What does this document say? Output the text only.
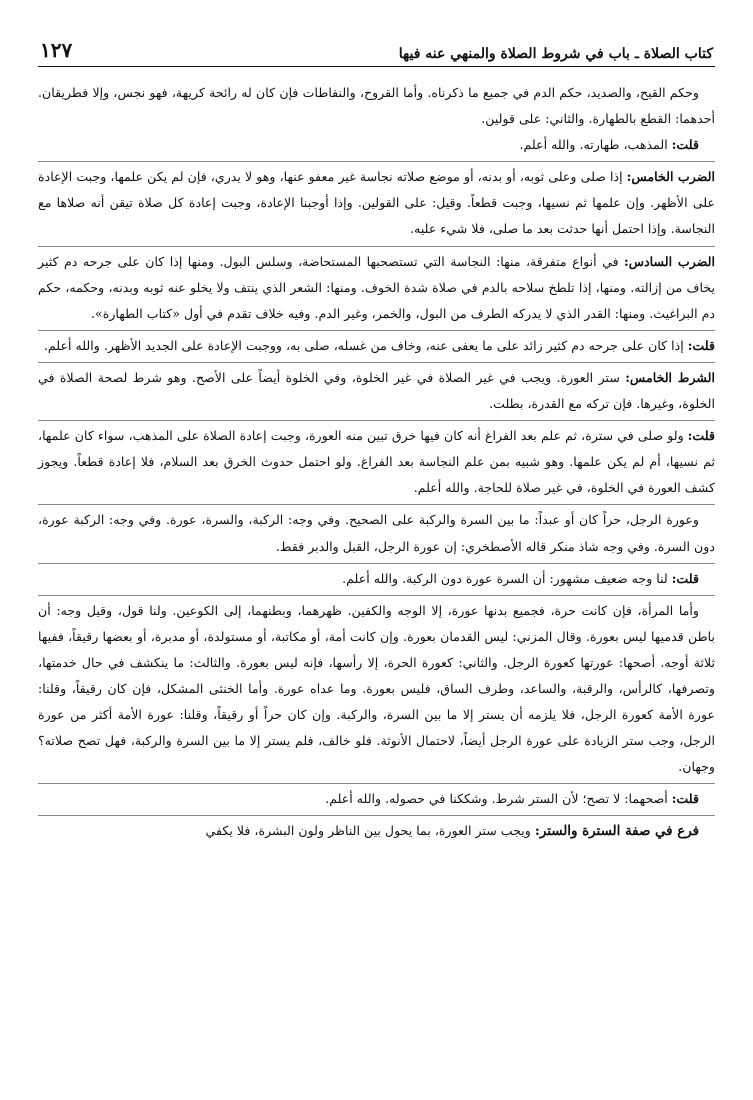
كتاب الصلاة ـ باب في شروط الصلاة والمنهي عنه فيها
١٢٧

وحكم القيح، والصديد، حكم الدم في جميع ما ذكرناه. وأما القروح، والنفاطات فإن كان له رائحة كريهة، فهو نجس، وإلا فطريقان. أحدهما: القطع بالطهارة. والثاني: على قولين.

قلت: المذهب، طهارته. والله أعلم.

الضرب الخامس: إذا صلى وعلى ثوبه، أو بدنه، أو موضع صلاته نجاسة غير معفو عنها، وهو لا يدري، فإن لم يكن علمها، وجبت الإعادة على الأظهر. وإن علمها ثم نسيها، وجبت قطعاً. وقيل: على القولين. وإذا أوجبنا الإعادة، وجبت إعادة كل صلاة تيقن أنه صلاها مع النجاسة. وإذا احتمل أنها حدثت بعد ما صلى، فلا شيء عليه.

الضرب السادس: في أنواع متفرقة، منها: النجاسة التي تستصحبها المستحاضة، وسلس البول. ومنها إذا كان على جرحه دم كثير يخاف من إزالته. ومنها، إذا تلطخ سلاحه بالدم في صلاة شدة الخوف. ومنها: الشعر الذي ينتف ولا يخلو عنه ثوبه وبدنه، وحكمه، حكم دم البراغيث. ومنها: القدر الذي لا يدركه الطرف من البول، والخمر، وغير الدم. وفيه خلاف تقدم في أول «كتاب الطهارة».

قلت: إذا كان على جرحه دم كثير زائد على ما يعفى عنه، وخاف من غسله، صلى به، ووجبت الإعادة على الجديد الأظهر. والله أعلم.

الشرط الخامس: ستر العورة. ويجب في غير الصلاة في غير الخلوة، وفي الخلوة أيضاً على الأصح. وهو شرط لصحة الصلاة في الخلوة، وغيرها. فإن تركه مع القدرة، بطلت.

قلت: ولو صلى في سترة، ثم علم بعد الفراغ أنه كان فيها خرق تبين منه العورة، وجبت إعادة الصلاة على المذهب، سواء كان علمها، ثم نسيها، أم لم يكن علمها. وهو شبيه بمن علم النجاسة بعد الفراغ. ولو احتمل حدوث الخرق بعد السلام، فلا إعادة قطعاً. ويجوز كشف العورة في الخلوة، في غير صلاة للحاجة. والله أعلم.

وعورة الرجل، حراً كان أو عبداً: ما بين السرة والركبة على الصحيح. وفي وجه: الركبة، والسرة، عورة. وفي وجه: الركبة عورة، دون السرة. وفي وجه شاذ منكر قاله الأصطخري: إن عورة الرجل، القبل والدبر فقط.

قلت: لنا وجه ضعيف مشهور: أن السرة عورة دون الركبة. والله أعلم.

وأما المرأة، فإن كانت حرة، فجميع بدنها عورة، إلا الوجه والكفين. ظهرهما، وبطنهما، إلى الكوعين. ولنا قول، وقيل وجه: أن باطن قدميها ليس بعورة. وقال المزني: ليس القدمان بعورة. وإن كانت أمة، أو مكاتبة، أو مستولدة، أو مدبرة، أو بعضها رقيقاً، ففيها ثلاثة أوجه. أصحها: عورتها كعورة الرجل. والثاني: كعورة الحرة، إلا رأسها، فإنه ليس بعورة. والثالث: ما ينكشف في حال خدمتها، وتصرفها، كالرأس، والرقبة، والساعد، وطرف الساق، فليس بعورة. وما عداه عورة. وأما الخنثى المشكل، فإن كان رقيقاً، وقلنا: عورة الأمة كعورة الرجل، فلا يلزمه أن يستر إلا ما بين السرة، والركبة. وإن كان حراً أو رقيقاً، وقلنا: عورة الأمة أكثر من عورة الرجل، وجب ستر الزيادة على عورة الرجل أيضاً، لاحتمال الأنوثة. فلو خالف، فلم يستر إلا ما بين السرة والركبة، فهل تصح صلاته؟ وجهان.

قلت: أصحهما: لا تصح؛ لأن الستر شرط. وشككنا في حصوله. والله أعلم.

فرع في صفة السترة والستر: ويجب ستر العورة، بما يحول بين الناظر ولون البشرة، فلا يكفي
